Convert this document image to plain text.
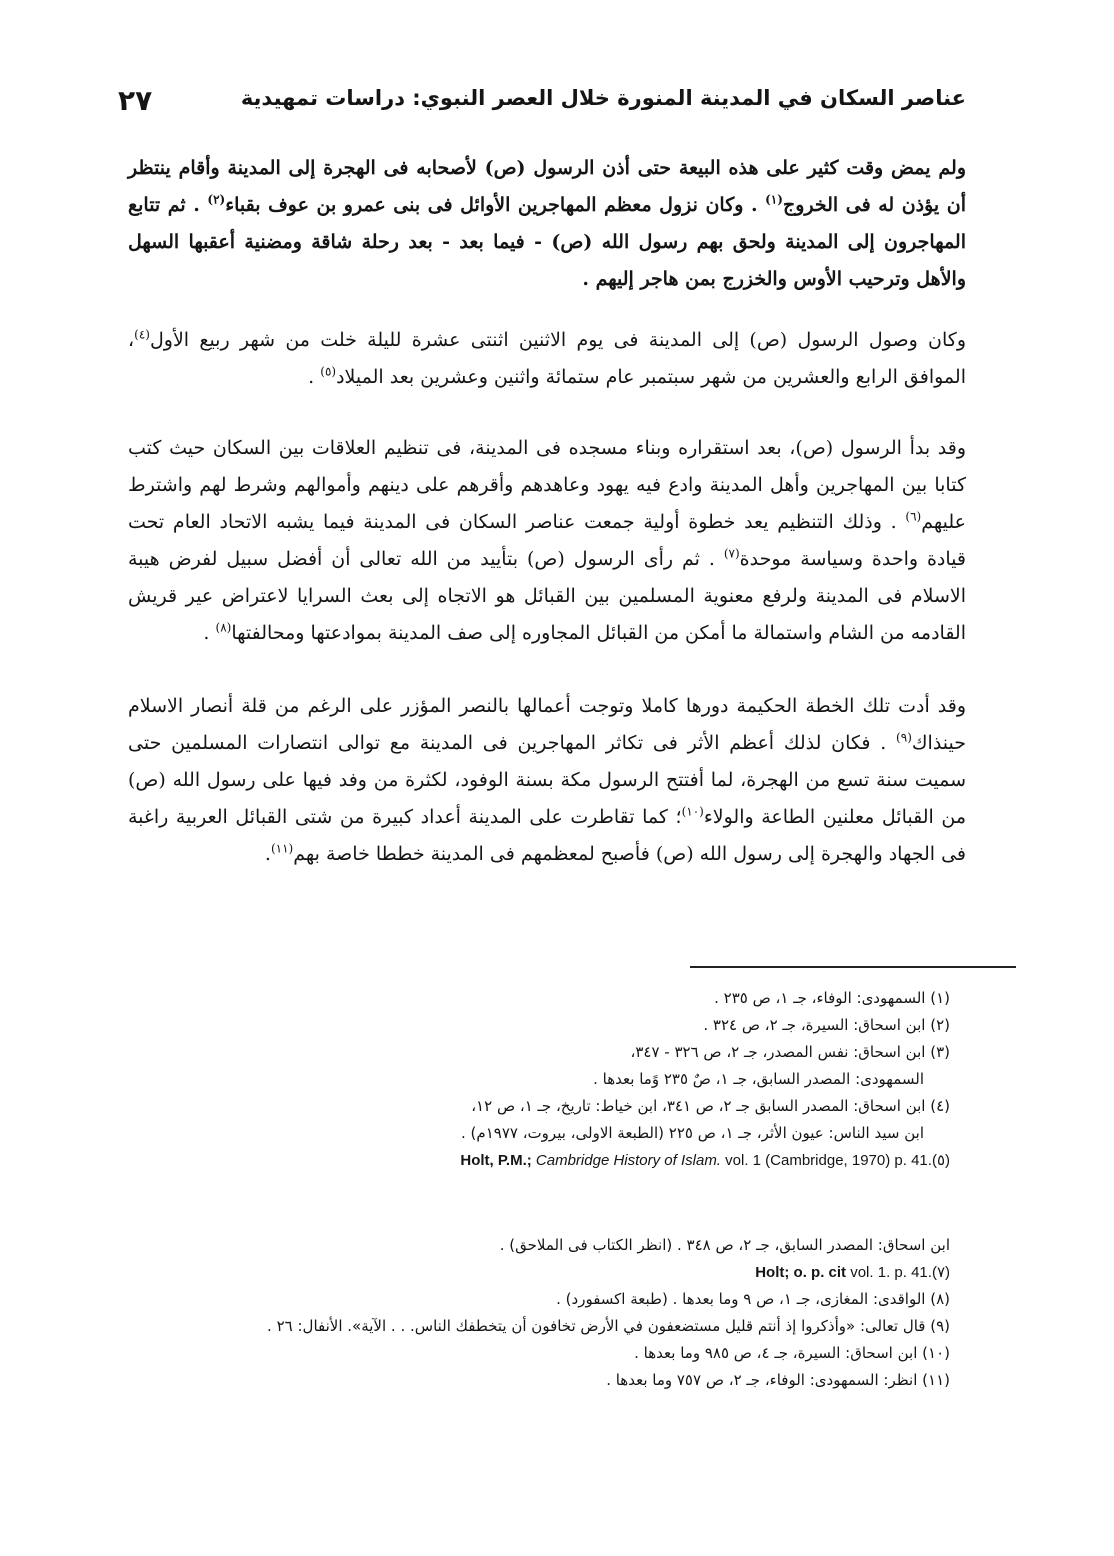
٢٧	عناصر السكان في المدينة المنورة خلال العصر النبوي: دراسات تمهيدية

ولم يمض وقت كثير على هذه البيعة حتى أذن الرسول (ص) لأصحابه فى الهجرة إلى المدينة وأقام ينتظر أن يؤذن له فى الخروج$^{(١)}$ . وكان نزول معظم المهاجرين الأوائل فى بنى عمرو بن عوف بقباء$^{(٢)}$ . ثم تتابع المهاجرون إلى المدينة ولحق بهم رسول الله (ص) - فيما بعد - بعد رحلة شاقة ومضنية أعقبها السهل والأهل وترحيب الأوس والخزرج بمن هاجر إليهم .

وكان وصول الرسول (ص) إلى المدينة فى يوم الاثنين اثنتى عشرة لليلة خلت من شهر ربيع الأول$^{(٤)}$، الموافق الرابع والعشرين من شهر سبتمبر عام ستمائة واثنين وعشرين بعد الميلاد$^{(٥)}$ .

وقد بدأ الرسول (ص)، بعد استقراره وبناء مسجده فى المدينة، فى تنظيم العلاقات بين السكان حيث كتب كتابا بين المهاجرين وأهل المدينة وادع فيه يهود وعاهدهم وأقرهم على دينهم وأموالهم وشرط لهم واشترط عليهم$^{(٦)}$ . وذلك التنظيم يعد خطوة أولية جمعت عناصر السكان فى المدينة فيما يشبه الاتحاد العام تحت قيادة واحدة وسياسة موحدة$^{(٧)}$ . ثم رأى الرسول (ص) بتأييد من الله تعالى أن أفضل سبيل لفرض هيبة الاسلام فى المدينة ولرفع معنوية المسلمين بين القبائل هو الاتجاه إلى بعث السرايا لاعتراض عير قريش القادمه من الشام واستمالة ما أمكن من القبائل المجاوره إلى صف المدينة بموادعتها ومحالفتها$^{(٨)}$ .

وقد أدت تلك الخطة الحكيمة دورها كاملا وتوجت أعمالها بالنصر المؤزر على الرغم من قلة أنصار الاسلام حينذاك$^{(٩)}$ . فكان لذلك أعظم الأثر فى تكاثر المهاجرين فى المدينة مع توالى انتصارات المسلمين حتى سميت سنة تسع من الهجرة، لما أفتتح الرسول مكة بسنة الوفود، لكثرة من وفد فيها على رسول الله (ص) من القبائل معلنين الطاعة والولاء$^{(١٠)}$؛ كما تقاطرت على المدينة أعداد كبيرة من شتى القبائل العربية راغبة فى الجهاد والهجرة إلى رسول الله (ص) فأصبح لمعظمهم فى المدينة خططا خاصة بهم$^{(١١)}$.

(١) السمهودى: الوفاء، جـ ١، ص ٢٣٥ .
(٢) ابن اسحاق: السيرة، جـ ٢، ص ٣٢٤ .
(٣) ابن اسحاق: نفس المصدر، جـ ٢، ص ٣٢٦ - ٣٤٧،
السمهودى: المصدر السابق، جـ ١، صٌ ٢٣٥ وًما بعدها .
(٤) ابن اسحاق: المصدر السابق جـ ٢، ص ٣٤١، ابن خياط: تاريخ، جـ ١، ص ١٢،
ابن سيد الناس: عيون الأثر، جـ ١، ص ٢٢٥ (الطبعة الاولى، بيروت، ١٩٧٧م) .
Holt, P.M.; Cambridge History of Islam. vol. 1 (Cambridge, 1970) p. 41.(٥)
ابن اسحاق: المصدر السابق، جـ ٢، ص ٣٤٨ . (انظر الكتاب فى الملاحق) .
Holt; o. p. cit vol. 1. p. 41.(٧)
(٨) الواقدى: المغازى، جـ ١، ص ٩ وما بعدها . (طبعة اكسفورد) .
(٩) قال تعالى: «وأذكروا إذ أنتم قليل مستضعفون في الأرض تخافون أن يتخطفك الناس. . . الآية». الأنفال: ٢٦ .
(١٠) ابن اسحاق: السيرة، جـ ٤، ص ٩٨٥ وما بعدها .
(١١) انظر: السمهودى: الوفاء، جـ ٢، ص ٧٥٧ وما بعدها .
